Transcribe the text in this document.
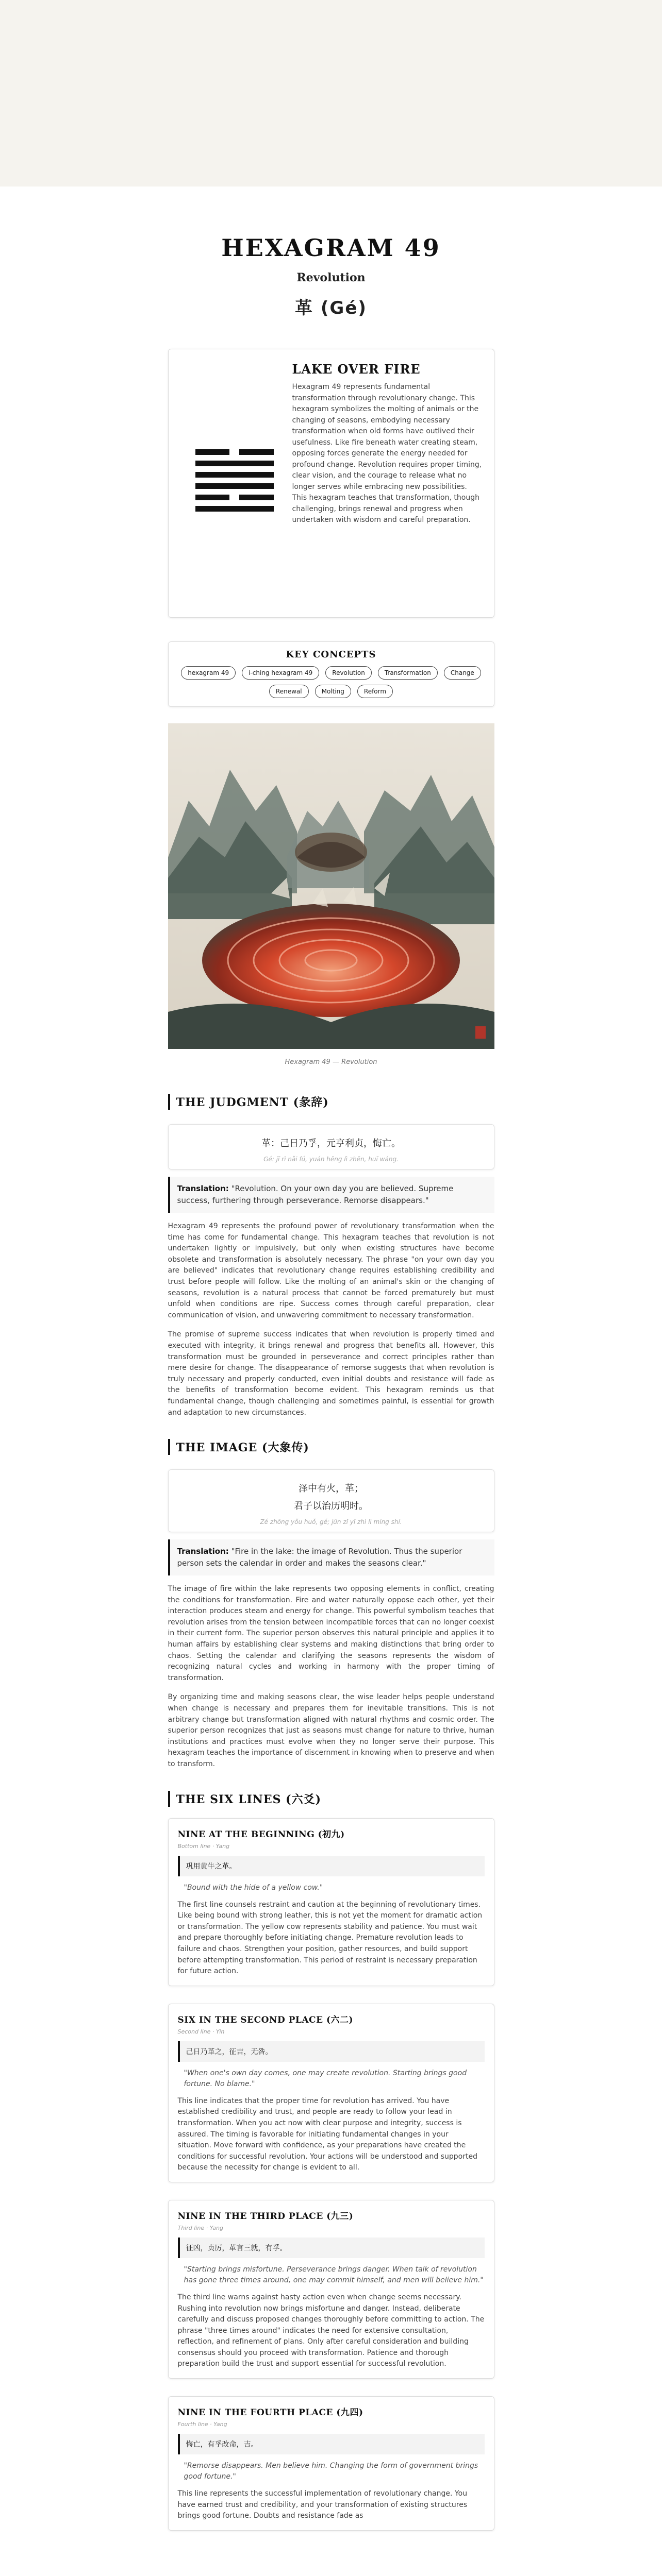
HEXAGRAM 49
Revolution
革 (Gé)
LAKE OVER FIRE

Hexagram 49 represents fundamental transformation through revolutionary change. This hexagram symbolizes the molting of animals or the changing of seasons, embodying necessary transformation when old forms have outlived their usefulness. Like fire beneath water creating steam, opposing forces generate the energy needed for profound change. Revolution requires proper timing, clear vision, and the courage to release what no longer serves while embracing new possibilities. This hexagram teaches that transformation, though challenging, brings renewal and progress when undertaken with wisdom and careful preparation.

KEY CONCEPTS
hexagram 49	i-ching hexagram 49	Revolution	Transformation	Change
Renewal	Molting	Reform
Hexagram 49 — Revolution
THE JUDGMENT (彖辞)
革：己日乃孚，元亨利贞，悔亡。
Gé: jǐ rì nǎi fú, yuán hēng lì zhēn, huǐ wáng.
Translation: "Revolution. On your own day you are believed. Supreme success, furthering through perseverance. Remorse disappears."

Hexagram 49 represents the profound power of revolutionary transformation when the time has come for fundamental change. This hexagram teaches that revolution is not undertaken lightly or impulsively, but only when existing structures have become obsolete and transformation is absolutely necessary. The phrase "on your own day you are believed" indicates that revolutionary change requires establishing credibility and trust before people will follow. Like the molting of an animal's skin or the changing of seasons, revolution is a natural process that cannot be forced prematurely but must unfold when conditions are ripe. Success comes through careful preparation, clear communication of vision, and unwavering commitment to necessary transformation.

The promise of supreme success indicates that when revolution is properly timed and executed with integrity, it brings renewal and progress that benefits all. However, this transformation must be grounded in perseverance and correct principles rather than mere desire for change. The disappearance of remorse suggests that when revolution is truly necessary and properly conducted, even initial doubts and resistance will fade as the benefits of transformation become evident. This hexagram reminds us that fundamental change, though challenging and sometimes painful, is essential for growth and adaptation to new circumstances.

THE IMAGE (大象传)
泽中有火，革；
君子以治历明时。
Zé zhōng yǒu huǒ, gé; jūn zǐ yǐ zhì lì míng shí.
Translation: "Fire in the lake: the image of Revolution. Thus the superior person sets the calendar in order and makes the seasons clear."

The image of fire within the lake represents two opposing elements in conflict, creating the conditions for transformation. Fire and water naturally oppose each other, yet their interaction produces steam and energy for change. This powerful symbolism teaches that revolution arises from the tension between incompatible forces that can no longer coexist in their current form. The superior person observes this natural principle and applies it to human affairs by establishing clear systems and making distinctions that bring order to chaos. Setting the calendar and clarifying the seasons represents the wisdom of recognizing natural cycles and working in harmony with the proper timing of transformation.

By organizing time and making seasons clear, the wise leader helps people understand when change is necessary and prepares them for inevitable transitions. This is not arbitrary change but transformation aligned with natural rhythms and cosmic order. The superior person recognizes that just as seasons must change for nature to thrive, human institutions and practices must evolve when they no longer serve their purpose. This hexagram teaches the importance of discernment in knowing when to preserve and when to transform.

THE SIX LINES (六爻)
NINE AT THE BEGINNING (初九)
Bottom line · Yang
巩用黄牛之革。
"Bound with the hide of a yellow cow."
The first line counsels restraint and caution at the beginning of revolutionary times. Like being bound with strong leather, this is not yet the moment for dramatic action or transformation. The yellow cow represents stability and patience. You must wait and prepare thoroughly before initiating change. Premature revolution leads to failure and chaos. Strengthen your position, gather resources, and build support before attempting transformation. This period of restraint is necessary preparation for future action.
SIX IN THE SECOND PLACE (六二)
Second line · Yin
己日乃革之，征吉，无咎。
"When one's own day comes, one may create revolution. Starting brings good fortune. No blame."
This line indicates that the proper time for revolution has arrived. You have established credibility and trust, and people are ready to follow your lead in transformation. When you act now with clear purpose and integrity, success is assured. The timing is favorable for initiating fundamental changes in your situation. Move forward with confidence, as your preparations have created the conditions for successful revolution. Your actions will be understood and supported because the necessity for change is evident to all.
NINE IN THE THIRD PLACE (九三)
Third line · Yang
征凶，贞厉，革言三就，有孚。
"Starting brings misfortune. Perseverance brings danger. When talk of revolution has gone three times around, one may commit himself, and men will believe him."
The third line warns against hasty action even when change seems necessary. Rushing into revolution now brings misfortune and danger. Instead, deliberate carefully and discuss proposed changes thoroughly before committing to action. The phrase "three times around" indicates the need for extensive consultation, reflection, and refinement of plans. Only after careful consideration and building consensus should you proceed with transformation. Patience and thorough preparation build the trust and support essential for successful revolution.
NINE IN THE FOURTH PLACE (九四)
Fourth line · Yang
悔亡，有孚改命，吉。
"Remorse disappears. Men believe him. Changing the form of government brings good fortune."
This line represents the successful implementation of revolutionary change. You have earned trust and credibility, and your transformation of existing structures brings good fortune. Doubts and resistance fade as
